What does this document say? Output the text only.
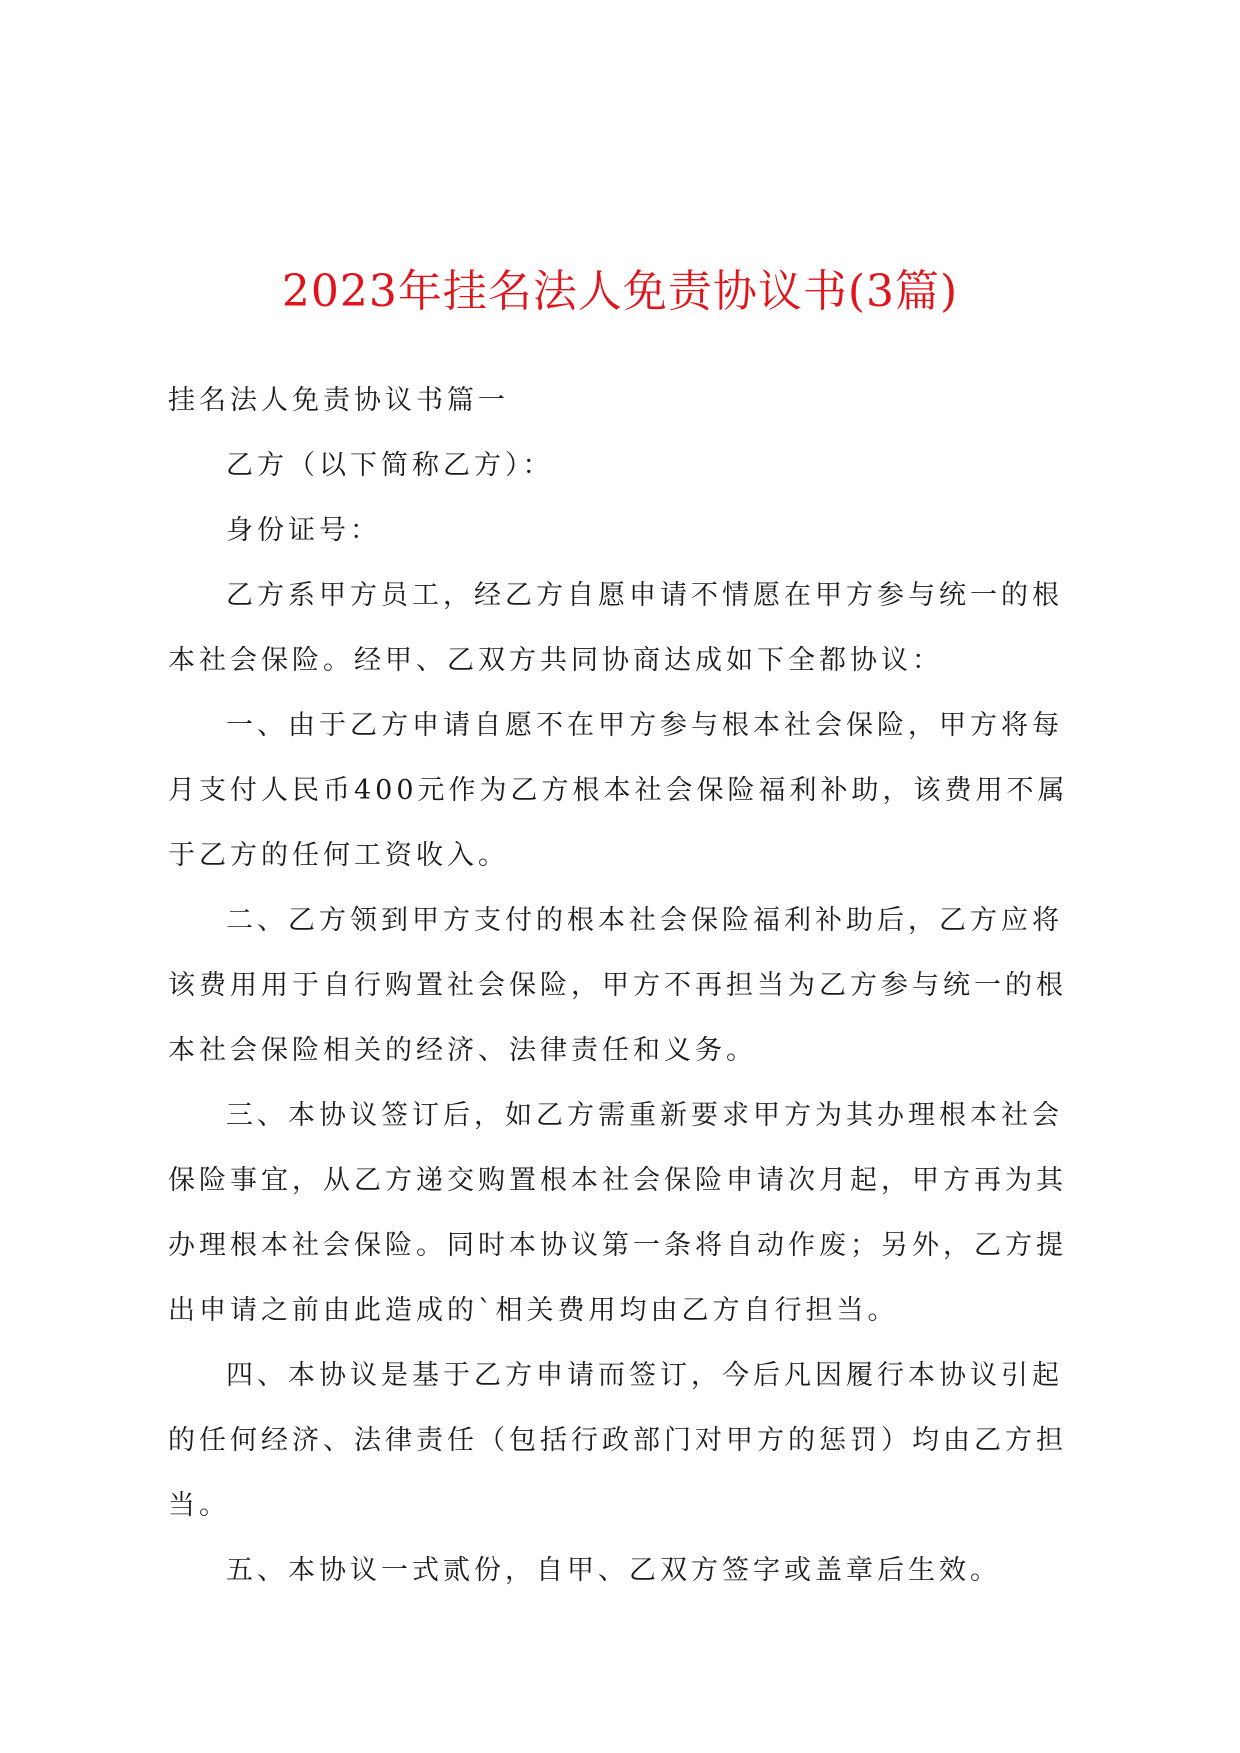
2023年挂名法人免责协议书(3篇)

挂名法人免责协议书篇一

乙方（以下简称乙方）：

身份证号：

乙方系甲方员工，经乙方自愿申请不情愿在甲方参与统一的根本社会保险。经甲、乙双方共同协商达成如下全都协议：

一、由于乙方申请自愿不在甲方参与根本社会保险，甲方将每月支付人民币400元作为乙方根本社会保险福利补助，该费用不属于乙方的任何工资收入。

二、乙方领到甲方支付的根本社会保险福利补助后，乙方应将该费用用于自行购置社会保险，甲方不再担当为乙方参与统一的根本社会保险相关的经济、法律责任和义务。

三、本协议签订后，如乙方需重新要求甲方为其办理根本社会保险事宜，从乙方递交购置根本社会保险申请次月起，甲方再为其办理根本社会保险。同时本协议第一条将自动作废；另外，乙方提出申请之前由此造成的`相关费用均由乙方自行担当。

四、本协议是基于乙方申请而签订，今后凡因履行本协议引起的任何经济、法律责任（包括行政部门对甲方的惩罚）均由乙方担当。

五、本协议一式贰份，自甲、乙双方签字或盖章后生效。
